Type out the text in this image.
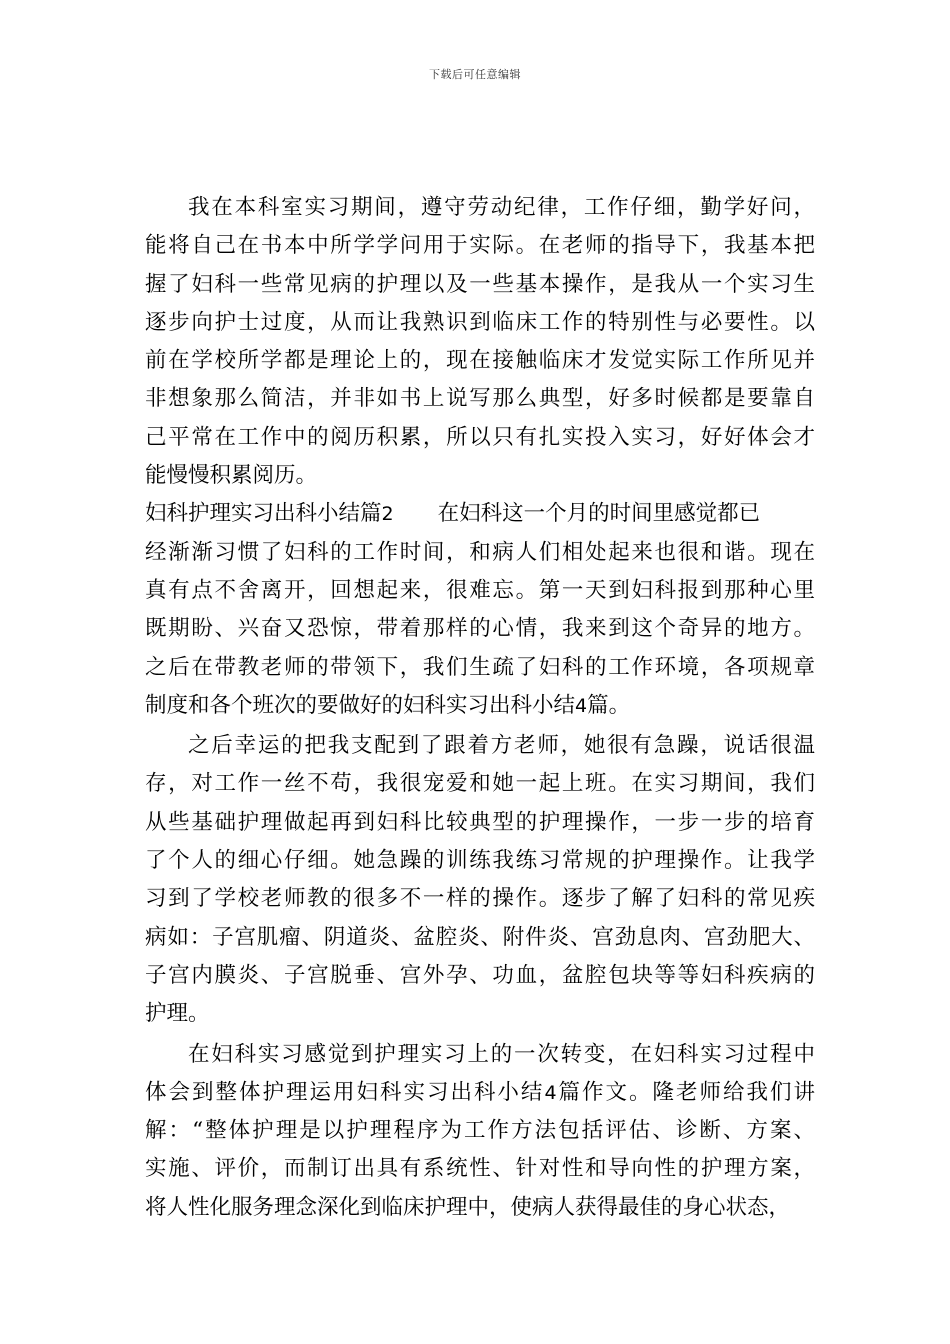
下载后可任意编辑
我在本科室实习期间，遵守劳动纪律，工作仔细，勤学好问，
能将自己在书本中所学学问用于实际。在老师的指导下，我基本把
握了妇科一些常见病的护理以及一些基本操作，是我从一个实习生
逐步向护士过度，从而让我熟识到临床工作的特别性与必要性。以
前在学校所学都是理论上的，现在接触临床才发觉实际工作所见并
非想象那么简洁，并非如书上说写那么典型，好多时候都是要靠自
己平常在工作中的阅历积累，所以只有扎实投入实习，好好体会才
能慢慢积累阅历。
妇科护理实习出科小结篇2 在妇科这一个月的时间里感觉都已
经渐渐习惯了妇科的工作时间，和病人们相处起来也很和谐。现在
真有点不舍离开，回想起来，很难忘。第一天到妇科报到那种心里
既期盼、兴奋又恐惊，带着那样的心情，我来到这个奇异的地方。
之后在带教老师的带领下，我们生疏了妇科的工作环境，各项规章
制度和各个班次的要做好的妇科实习出科小结4篇。
之后幸运的把我支配到了跟着方老师，她很有急躁，说话很温
存，对工作一丝不苟，我很宠爱和她一起上班。在实习期间，我们
从些基础护理做起再到妇科比较典型的护理操作，一步一步的培育
了个人的细心仔细。她急躁的训练我练习常规的护理操作。让我学
习到了学校老师教的很多不一样的操作。逐步了解了妇科的常见疾
病如：子宫肌瘤、阴道炎、盆腔炎、附件炎、宫劲息肉、宫劲肥大、
子宫内膜炎、子宫脱垂、宫外孕、功血，盆腔包块等等妇科疾病的
护理。
在妇科实习感觉到护理实习上的一次转变，在妇科实习过程中
体会到整体护理运用妇科实习出科小结4篇作文。隆老师给我们讲
解：“整体护理是以护理程序为工作方法包括评估、诊断、方案、
实施、评价，而制订出具有系统性、针对性和导向性的护理方案，
将人性化服务理念深化到临床护理中，使病人获得最佳的身心状态，
